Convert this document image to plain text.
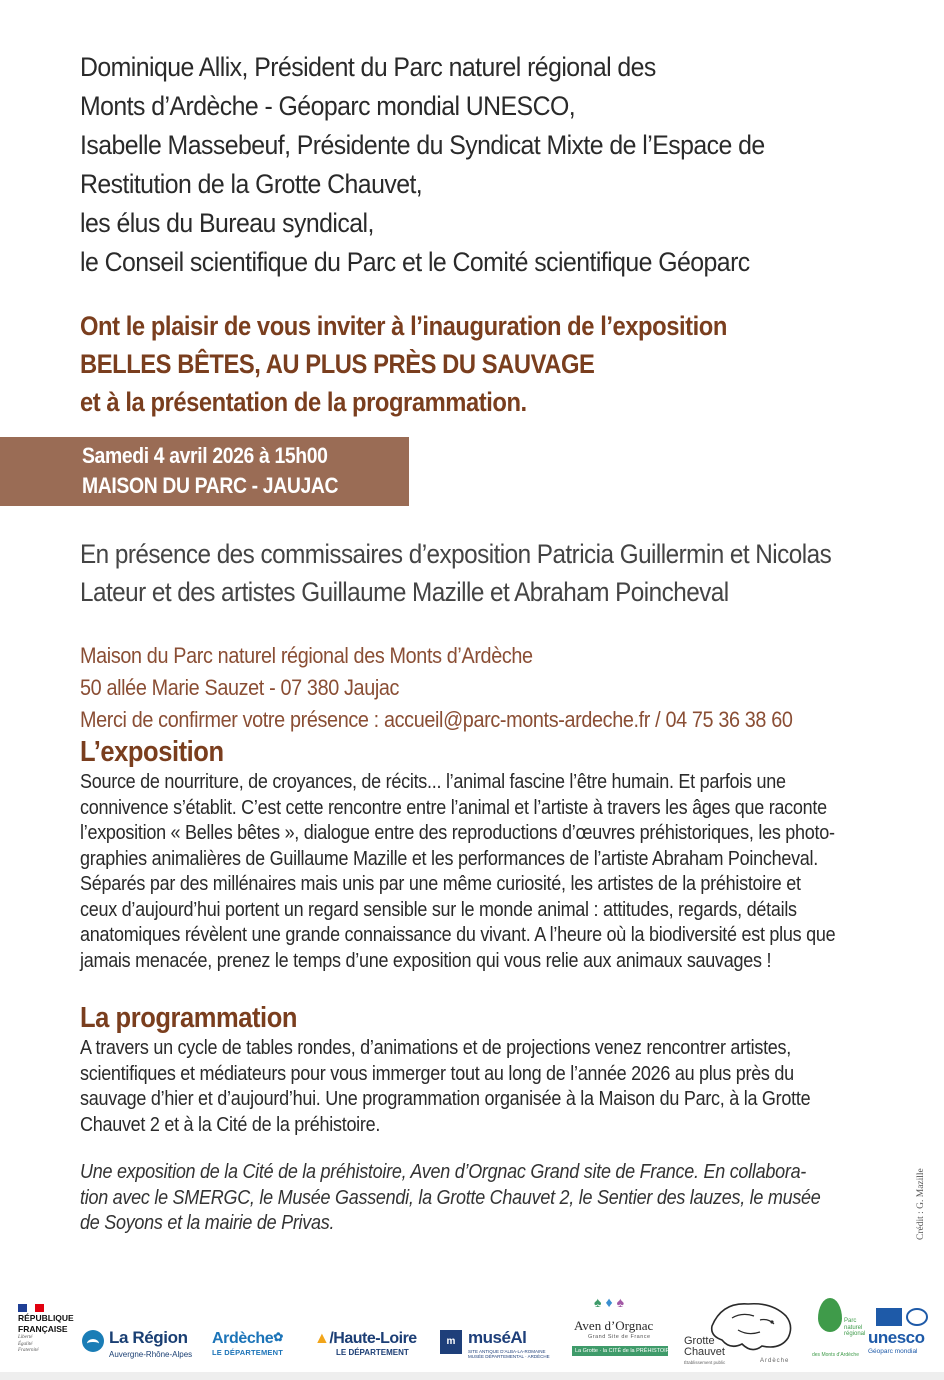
Dominique Allix, Président du Parc naturel régional des
Monts d’Ardèche - Géoparc mondial UNESCO,
Isabelle Massebeuf, Présidente du Syndicat Mixte de l’Espace de
Restitution de la Grotte Chauvet,
les élus du Bureau syndical,
le Conseil scientifique du Parc et le Comité scientifique Géoparc
Ont le plaisir de vous inviter à l’inauguration de l’exposition
BELLES BÊTES, AU PLUS PRÈS DU SAUVAGE
et à la présentation de la programmation.
Samedi 4 avril 2026 à 15h00
MAISON DU PARC - JAUJAC
En présence des commissaires d’exposition Patricia Guillermin et Nicolas
Lateur et des artistes Guillaume Mazille et Abraham Poincheval
Maison du Parc naturel régional des Monts d’Ardèche
50 allée Marie Sauzet - 07 380 Jaujac
Merci de confirmer votre présence : accueil@parc-monts-ardeche.fr / 04 75 36 38 60
L’exposition
Source de nourriture, de croyances, de récits... l’animal fascine l’être humain. Et parfois une
connivence s’établit. C’est cette rencontre entre l’animal et l’artiste à travers les âges que raconte
l’exposition « Belles bêtes », dialogue entre des reproductions d’œuvres préhistoriques, les photo-
graphies animalières de Guillaume Mazille et les performances de l’artiste Abraham Poincheval.
Séparés par des millénaires mais unis par une même curiosité, les artistes de la préhistoire et
ceux d’aujourd’hui portent un regard sensible sur le monde animal : attitudes, regards, détails
anatomiques révèlent une grande connaissance du vivant. A l’heure où la biodiversité est plus que
jamais menacée, prenez le temps d’une exposition qui vous relie aux animaux sauvages !
La programmation
A travers un cycle de tables rondes, d’animations et de projections venez rencontrer artistes,
scientifiques et médiateurs pour vous immerger tout au long de l’année 2026 au plus près du
sauvage d’hier et d’aujourd’hui. Une programmation organisée à la Maison du Parc, à la Grotte
Chauvet 2 et à la Cité de la préhistoire.
Une exposition de la Cité de la préhistoire, Aven d’Orgnac Grand site de France. En collabora-
tion avec le SMERGC, le Musée Gassendi, la Grotte Chauvet 2, le Sentier des lauzes, le musée
de Soyons et la mairie de Privas.	Crédit : G. Mazille
RÉPUBLIQUE
FRANÇAISE
Liberté
Égalité
Fraternité
La Région
Auvergne-Rhône-Alpes
Ardèche✿
LE DÉPARTEMENT
▲/Haute-Loire
LE DÉPARTEMENT
m muséAl
SITE ANTIQUE D’ALBA-LA-ROMAINE
MUSÉE DÉPARTEMENTAL · ARDÈCHE
♠♦♠
Aven d’Orgnac
Grand Site de France
La Grotte · la CITÉ de la PRÉHISTOIRE
Grotte
Chauvet
Établissement public	Ardèche
Parc
naturel
régional
des Monts d’Ardèche
unesco
Géoparc mondial
